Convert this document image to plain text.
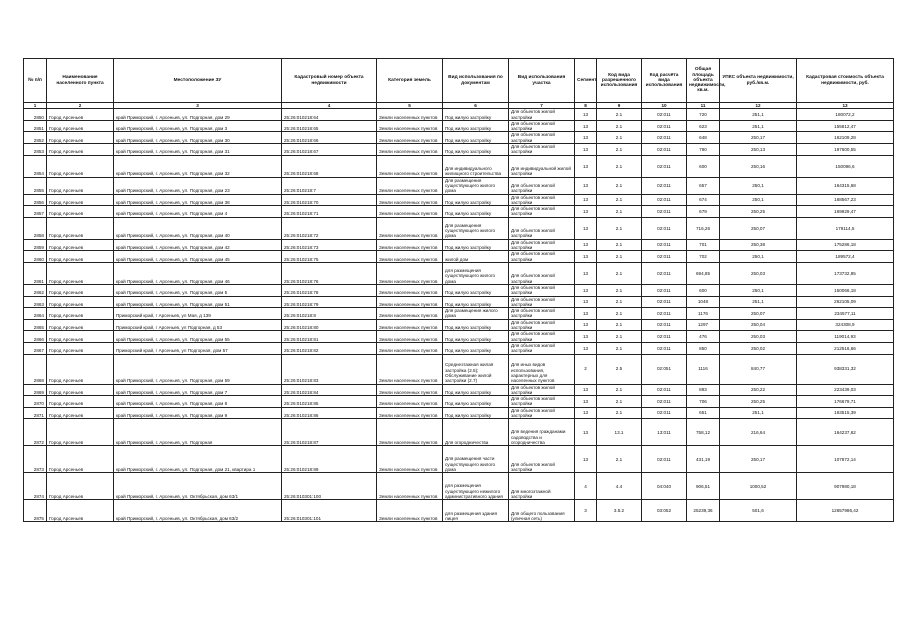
№ п/п	Наименование населенного пункта	Местоположение ЗУ	Кадастровый номер объекта недвижимости	Категория земель	Вид использования по документам	Вид использования участка	Сегмент	Код вида разрешенного использования	Код расчёта вида использования	Общая площадь объекта недвижимости, кв.м.	УПКС объекта недвижимости, руб./кв.м.	Кадастровая стоимость объекта недвижимости, руб.
1	2	3	4	5	6	7	8	9	10	11	12	13
2850	Город Арсеньев	край Приморский, г. Арсеньев, ул. Подгорная, дом 29	25:26:010218:64	Земли населенных пунктов	Под жилую застройку	Для объектов жилой застройки	13	2.1	02:011	720	251,1	180072,2
2851	Город Арсеньев	край Приморский, г. Арсеньев, ул. Подгорная, дом 3	25:26:010218:65	Земли населенных пунктов	Под жилую застройку	Для объектов жилой застройки	13	2.1	02:011	623	251,1	155812,47
2852	Город Арсеньев	край Приморский, г. Арсеньев, ул. Подгорная, дом 30	25:26:010218:66	Земли населенных пунктов	Под жилую застройку	Для объектов жилой застройки	13	2.1	02:011	648	250,17	162109,28
2853	Город Арсеньев	край Приморский, г. Арсеньев, ул. Подгорная, дом 31	25:26:010218:67	Земли населенных пунктов	Под жилую застройку	Для объектов жилой застройки	13	2.1	02:011	790	250,13	197600,55
2854	Город Арсеньев	край Приморский, г. Арсеньев, ул. Подгорная, дом 32	25:26:010218:68	Земли населенных пунктов	Для индивидуального жилищного строительства	Для индивидуальной жилой застройки	13	2.1	02:011	600	250,16	150096,6
2855	Город Арсеньев	край Приморский, г. Арсеньев, ул. Подгорная, дом 23	25:26:010218:7	Земли населенных пунктов	Для размещения существующего жилого дома	Для объектов жилой застройки	13	2.1	02:011	657	250,1	164315,68
2856	Город Арсеньев	край Приморский, г. Арсеньев, ул. Подгорная, дом 38	25:26:010218:70	Земли населенных пунктов	Под жилую застройку	Для объектов жилой застройки	13	2.1	02:011	674	250,1	168567,23
2857	Город Арсеньев	край Приморский, г. Арсеньев, ул. Подгорная, дом 4	25:26:010218:71	Земли населенных пунктов	Под жилую застройку	Для объектов жилой застройки	13	2.1	02:011	679	250,25	169929,47
2858	Город Арсеньев	край Приморский, г. Арсеньев, ул. Подгорная, дом 40	25:26:010218:72	Земли населенных пунктов	Для размещения существующего жилого дома	Для объектов жилой застройки	13	2.1	02:011	716,26	250,07	179114,5
2859	Город Арсеньев	край Приморский, г. Арсеньев, ул. Подгорная, дом 42	25:26:010218:73	Земли населенных пунктов	Под жилую застройку	Для объектов жилой застройки	13	2.1	02:011	701	250,38	175286,18
2860	Город Арсеньев	край Приморский, г. Арсеньев, ул. Подгорная, дом 45	25:26:010218:75	Земли населенных пунктов	жилой дом	Для объектов жилой застройки	13	2.1	02:011	702	250,1	189572,4
2861	Город Арсеньев	край Приморский, г. Арсеньев, ул. Подгорная, дом 46	25:26:010218:76	Земли населенных пунктов	для размещения существующего жилого дома	Для объектов жилой застройки	13	2.1	02:011	694,85	250,03	173732,85
2862	Город Арсеньев	край Приморский, г. Арсеньев, ул. Подгорная, дом 5	25:26:010218:78	Земли населенных пунктов	Под жилую застройку	Для объектов жилой застройки	13	2.1	02:011	600	250,1	150066,18
2863	Город Арсеньев	край Приморский, г. Арсеньев, ул. Подгорная, дом 51	25:26:010218:79	Земли населенных пунктов	Под жилую застройку	Для объектов жилой застройки	13	2.1	02:011	1048	251,1	262105,09
2864	Город Арсеньев	Приморский край, г Арсеньев, ул Мая, д 139	25:26:010218:8	Земли населенных пунктов	Для размещения жилого дома	Для объектов жилой застройки	13	2.1	02:011	1176	250,07	234577,11
2865	Город Арсеньев	Приморский край, г Арсеньев, ул Подгорная, д 53	25:26:010218:80	Земли населенных пунктов	Под жилую застройку	Для объектов жилой застройки	13	2.1	02:011	1297	250,04	324308,9
2866	Город Арсеньев	край Приморский, г. Арсеньев, ул. Подгорная, дом 55	25:26:010218:81	Земли населенных пунктов	Под жилую застройку	Для объектов жилой застройки	13	2.1	02:011	476	250,03	119014,93
2867	Город Арсеньев	Приморский край, г Арсеньев, ул Подгорная, дом 57	25:26:010218:82	Земли населенных пунктов	Под жилую застройку	Для объектов жилой застройки	13	2.1	02:011	850	250,02	212516,66
2868	Город Арсеньев	край Приморский, г. Арсеньев, ул. Подгорная, дом 59	25:26:010218:83	Земли населенных пунктов	Среднеэтажная жилая застройка (2.5); Обслуживание жилой застройки (2.7)	Для иных видов использования, характерных для населенных пунктов	2	2.5	02:051	1116	840,77	938331,32
2869	Город Арсеньев	край Приморский, г. Арсеньев, ул. Подгорная, дом 7	25:26:010218:84	Земли населенных пунктов	Под жилую застройку	Для объектов жилой застройки	13	2.1	02:011	893	250,22	223439,03
2870	Город Арсеньев	край Приморский, г. Арсеньев, ул. Подгорная, дом 8	25:26:010218:85	Земли населенных пунктов	Под жилую застройку	Для объектов жилой застройки	13	2.1	02:011	706	250,25	176679,71
2871	Город Арсеньев	край Приморский, г. Арсеньев, ул. Подгорная, дом 9	25:26:010218:86	Земли населенных пунктов	Под жилую застройку	Для объектов жилой застройки	13	2.1	02:011	651	251,1	163515,39
2872	Город Арсеньев	край Приморский, г. Арсеньев, ул. Подгорная	25:26:010218:87	Земли населенных пунктов	Для огородничества	Для ведения гражданами садоводства и огородничества	13	13.1	13:011	758,12	216,64	164237,62
2873	Город Арсеньев	край Приморский, г. Арсеньев, ул. Подгорная, дом 21, квартира 1	25:26:010218:89	Земли населенных пунктов	Для размещения части существующего жилого дома	Для объектов жилой застройки	13	2.1	02:011	431,19	250,17	107872,14
2874	Город Арсеньев	край Приморский, г. Арсеньев, ул. Октябрьская, дом 63/1	25:26:010301:100	Земли населенных пунктов	для размещения существующего нежилого административного здания	Для многоэтажной застройки	4	4.4	04:040	906,51	1000,52	907980,18
2875	Город Арсеньев	край Приморский, г. Арсеньев, ул. Октябрьская, дом 63/2	25:26:010301:101	Земли населенных пунктов	для размещения здания лицея	Для общего пользования (уличная сеть)	3	3.5.2	03:052	25239,36	501,6	12657986,42
